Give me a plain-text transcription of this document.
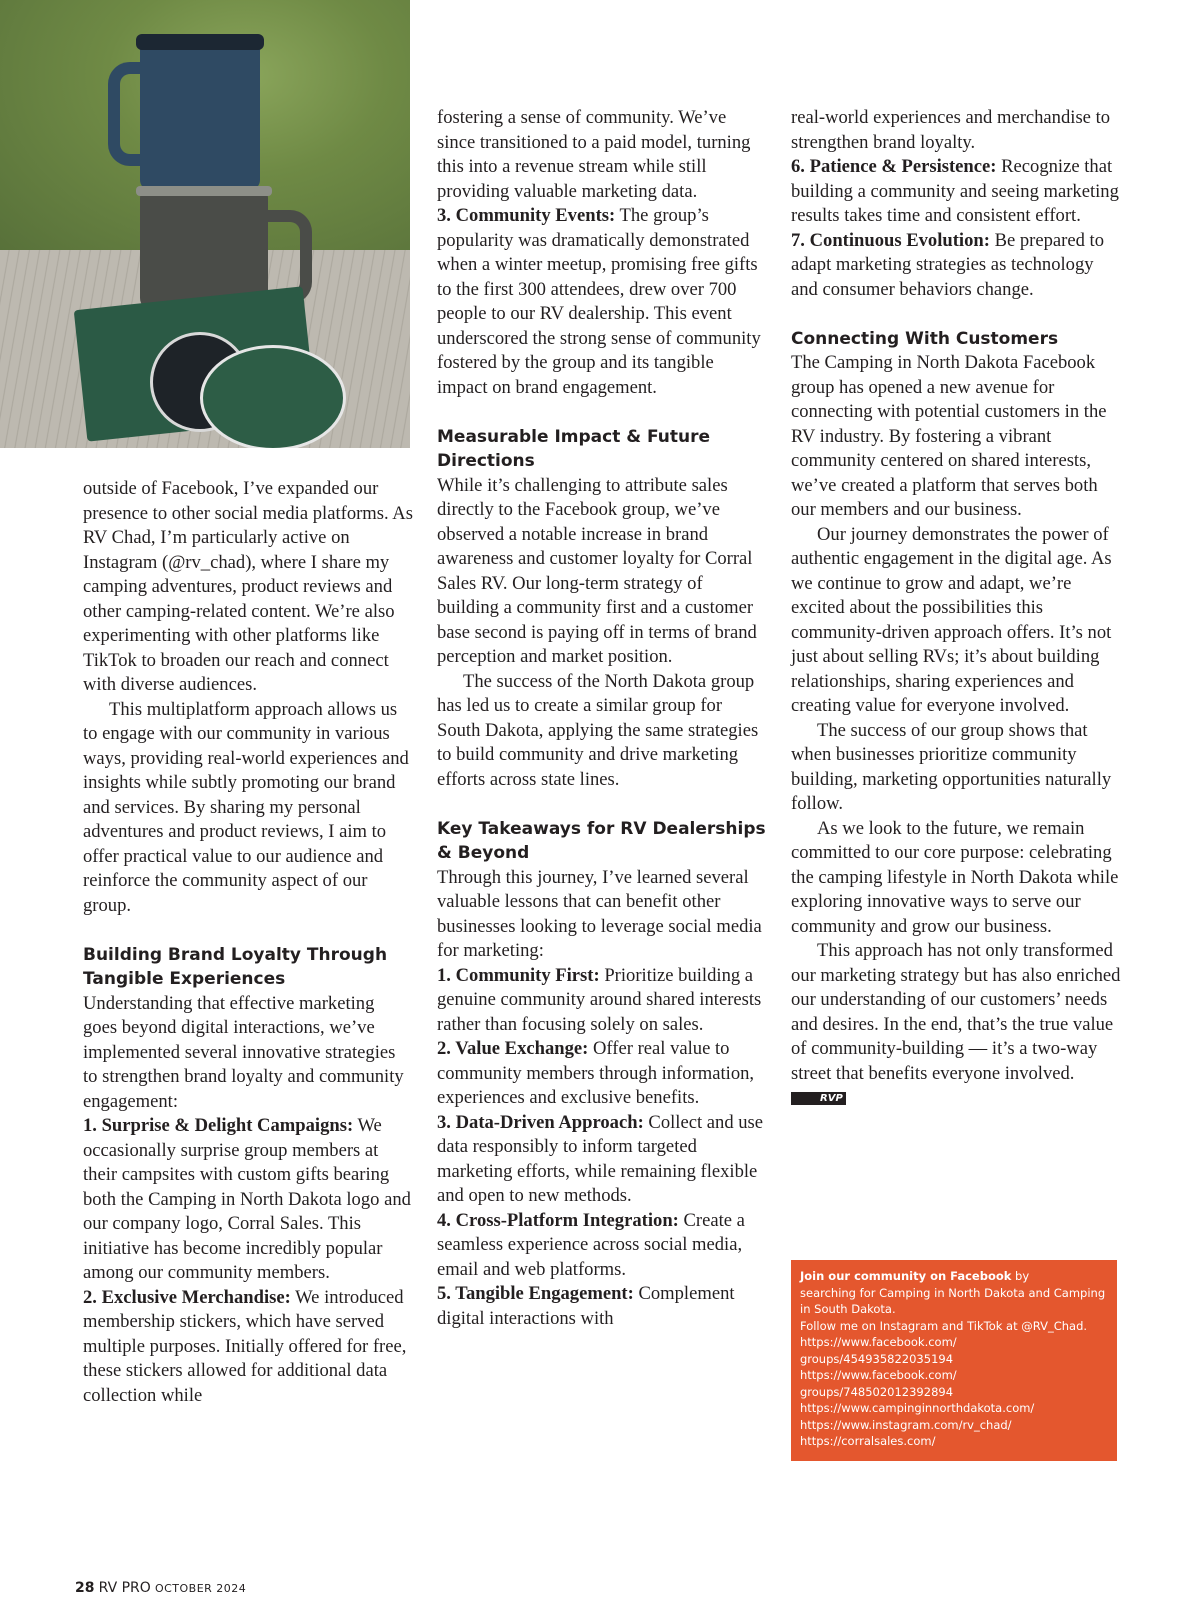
outside of Facebook, I’ve expanded our presence to other social media platforms. As RV Chad, I’m particularly active on Instagram (@rv_chad), where I share my camping adventures, product reviews and other camping-related content. We’re also experimenting with other platforms like TikTok to broaden our reach and connect with diverse audiences.

This multiplatform approach allows us to engage with our community in various ways, providing real-world experiences and insights while subtly promoting our brand and services. By sharing my personal adventures and product reviews, I aim to offer practical value to our audience and reinforce the community aspect of our group.

Building Brand Loyalty Through Tangible Experiences

Understanding that effective marketing goes beyond digital interactions, we’ve implemented several innovative strategies to strengthen brand loyalty and community engagement:

1. Surprise & Delight Campaigns: We occasionally surprise group members at their campsites with custom gifts bearing both the Camping in North Dakota logo and our company logo, Corral Sales. This initiative has become incredibly popular among our community members.

2. Exclusive Merchandise: We introduced membership stickers, which have served multiple purposes. Initially offered for free, these stickers allowed for additional data collection while

fostering a sense of community. We’ve since transitioned to a paid model, turning this into a revenue stream while still providing valuable marketing data.

3. Community Events: The group’s popularity was dramatically demonstrated when a winter meetup, promising free gifts to the first 300 attendees, drew over 700 people to our RV dealership. This event underscored the strong sense of community fostered by the group and its tangible impact on brand engagement.

Measurable Impact & Future Directions

While it’s challenging to attribute sales directly to the Facebook group, we’ve observed a notable increase in brand awareness and customer loyalty for Corral Sales RV. Our long-term strategy of building a community first and a customer base second is paying off in terms of brand perception and market position.

The success of the North Dakota group has led us to create a similar group for South Dakota, applying the same strategies to build community and drive marketing efforts across state lines.

Key Takeaways for RV Dealerships & Beyond

Through this journey, I’ve learned several valuable lessons that can benefit other businesses looking to leverage social media for marketing:

1. Community First: Prioritize building a genuine community around shared interests rather than focusing solely on sales.

2. Value Exchange: Offer real value to community members through information, experiences and exclusive benefits.

3. Data-Driven Approach: Collect and use data responsibly to inform targeted marketing efforts, while remaining flexible and open to new methods.

4. Cross-Platform Integration: Create a seamless experience across social media, email and web platforms.

5. Tangible Engagement: Complement digital interactions with

real-world experiences and merchandise to strengthen brand loyalty.

6. Patience & Persistence: Recognize that building a community and seeing marketing results takes time and consistent effort.

7. Continuous Evolution: Be prepared to adapt marketing strategies as technology and consumer behaviors change.

Connecting With Customers

The Camping in North Dakota Facebook group has opened a new avenue for connecting with potential customers in the RV industry. By fostering a vibrant community centered on shared interests, we’ve created a platform that serves both our members and our business.

Our journey demonstrates the power of authentic engagement in the digital age. As we continue to grow and adapt, we’re excited about the possibilities this community-driven approach offers. It’s not just about selling RVs; it’s about building relationships, sharing experiences and creating value for everyone involved.

The success of our group shows that when businesses prioritize community building, marketing opportunities naturally follow.

As we look to the future, we remain committed to our core purpose: celebrating the camping lifestyle in North Dakota while exploring innovative ways to serve our community and grow our business.

This approach has not only transformed our marketing strategy but has also enriched our understanding of our customers’ needs and desires. In the end, that’s the true value of community-building — it’s a two-way street that benefits everyone involved. RVP

Join our community on Facebook by
searching for Camping in North Dakota and Camping
in South Dakota.
Follow me on Instagram and TikTok at @RV_Chad.
https://www.facebook.com/
groups/454935822035194
https://www.facebook.com/
groups/748502012392894
https://www.campinginnorthdakota.com/
https://www.instagram.com/rv_chad/
https://corralsales.com/
28 RV PRO OCTOBER 2024
